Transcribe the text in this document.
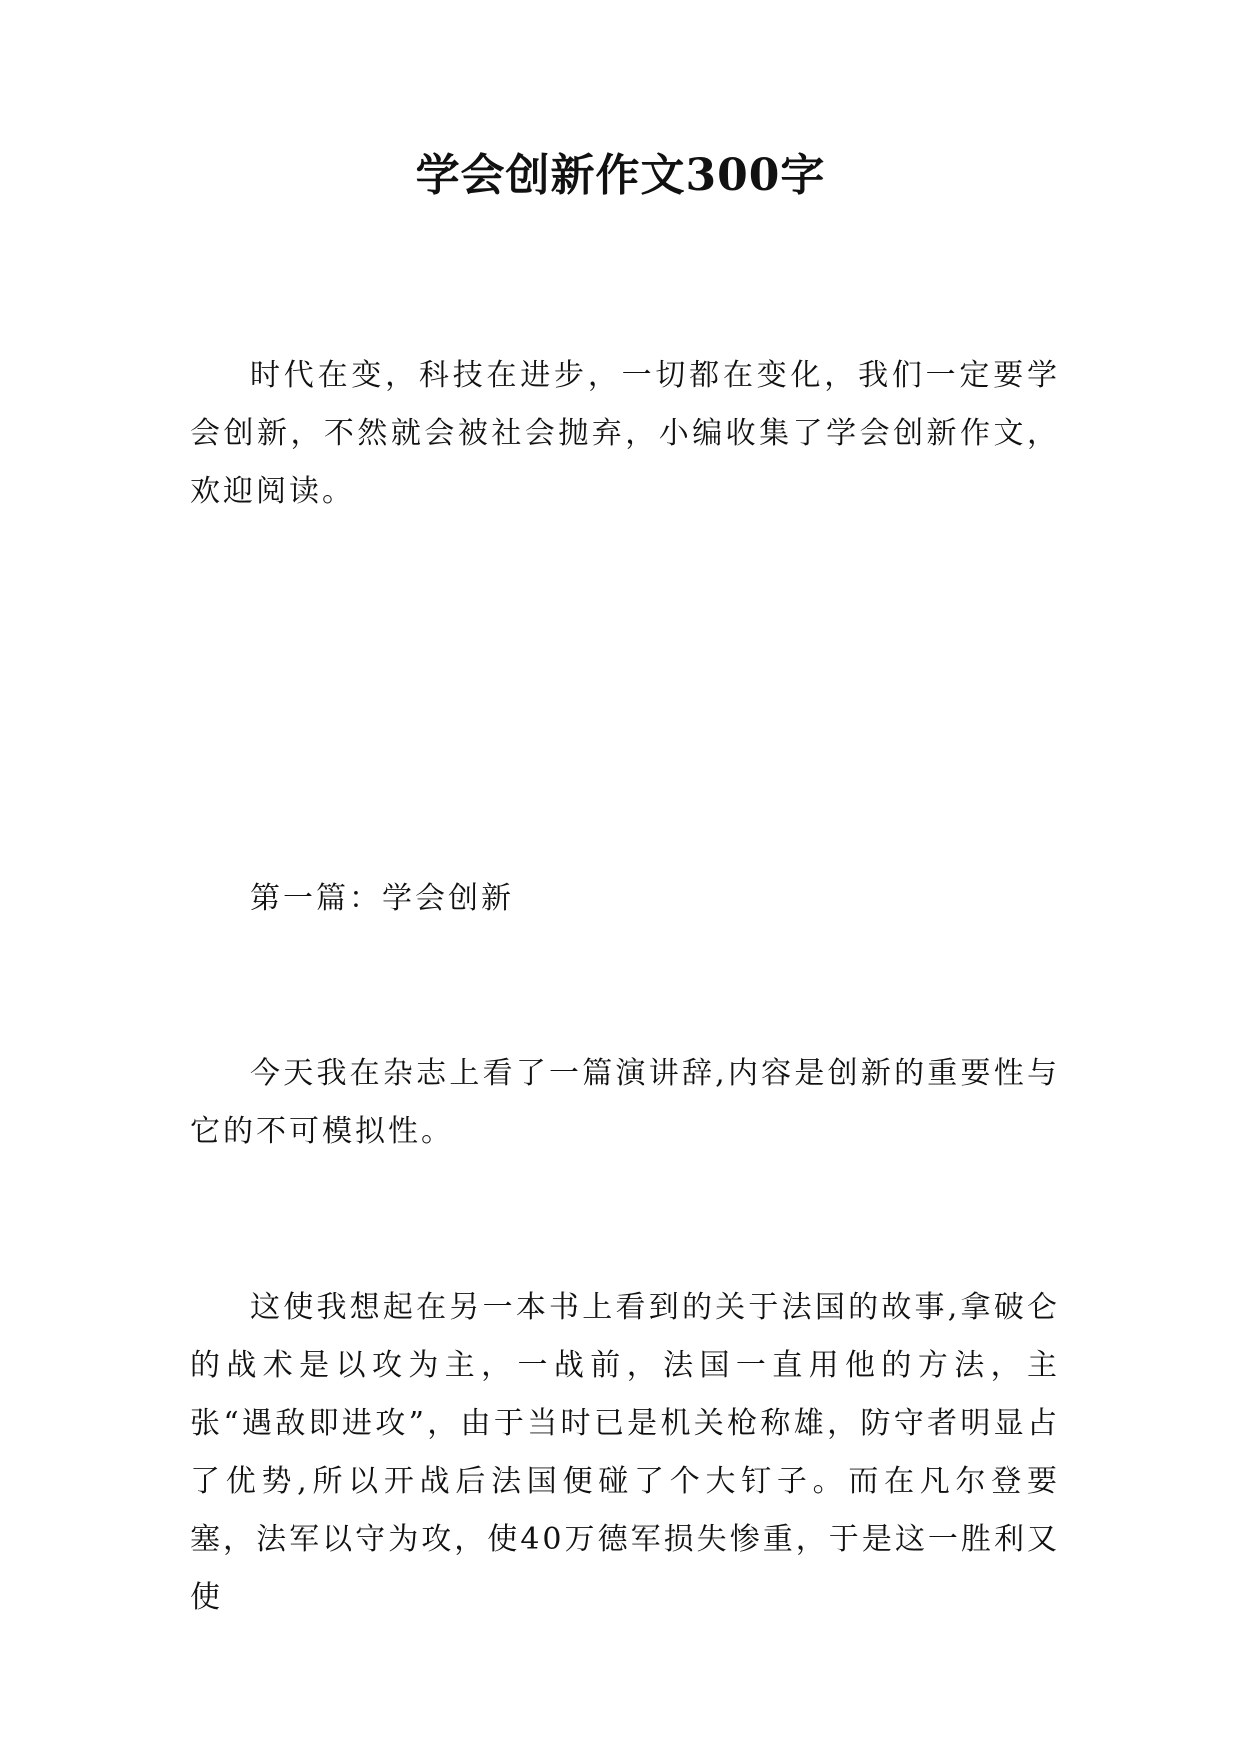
学会创新作文300字

时代在变，科技在进步，一切都在变化，我们一定要学会创新，不然就会被社会抛弃，小编收集了学会创新作文，欢迎阅读。

第一篇：学会创新

今天我在杂志上看了一篇演讲辞,内容是创新的重要性与它的不可模拟性。

这使我想起在另一本书上看到的关于法国的故事,拿破仑的战术是以攻为主，一战前，法国一直用他的方法，主张“遇敌即进攻”，由于当时已是机关枪称雄，防守者明显占了优势,所以开战后法国便碰了个大钉子。而在凡尔登要塞，法军以守为攻，使40万德军损失惨重，于是这一胜利又使
